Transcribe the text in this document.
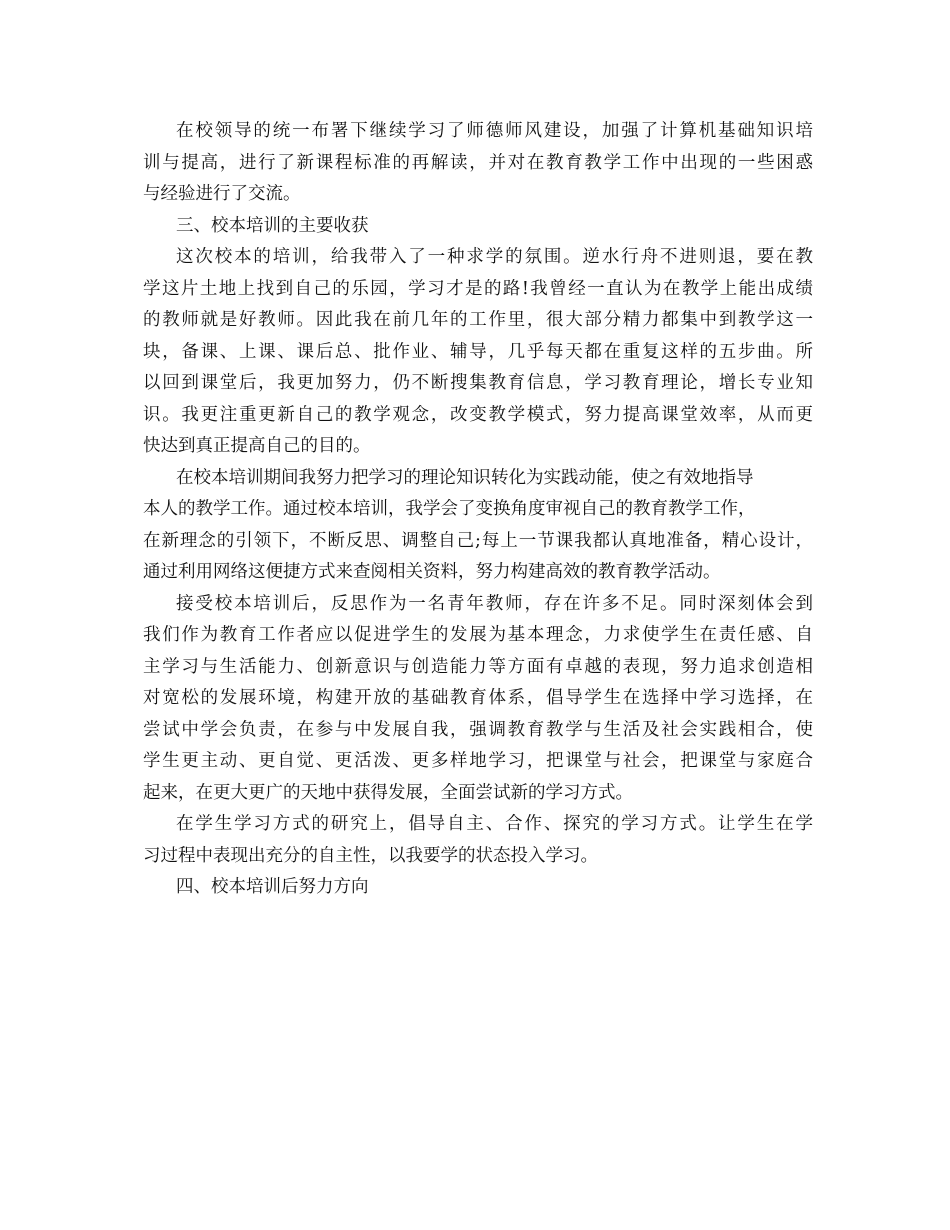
在校领导的统一布署下继续学习了师德师风建设，加强了计算机基础知识培
训与提高，进行了新课程标准的再解读，并对在教育教学工作中出现的一些困惑
与经验进行了交流。
三、校本培训的主要收获
这次校本的培训，给我带入了一种求学的氛围。逆水行舟不进则退，要在教
学这片土地上找到自己的乐园，学习才是的路!我曾经一直认为在教学上能出成绩
的教师就是好教师。因此我在前几年的工作里，很大部分精力都集中到教学这一
块，备课、上课、课后总、批作业、辅导，几乎每天都在重复这样的五步曲。所
以回到课堂后，我更加努力，仍不断搜集教育信息，学习教育理论，增长专业知
识。我更注重更新自己的教学观念，改变教学模式，努力提高课堂效率，从而更
快达到真正提高自己的目的。
在校本培训期间我努力把学习的理论知识转化为实践动能，使之有效地指导
本人的教学工作。通过校本培训，我学会了变换角度审视自己的教育教学工作，
在新理念的引领下，不断反思、调整自己;每上一节课我都认真地准备，精心设计，
通过利用网络这便捷方式来查阅相关资料，努力构建高效的教育教学活动。
接受校本培训后，反思作为一名青年教师，存在许多不足。同时深刻体会到
我们作为教育工作者应以促进学生的发展为基本理念，力求使学生在责任感、自
主学习与生活能力、创新意识与创造能力等方面有卓越的表现，努力追求创造相
对宽松的发展环境，构建开放的基础教育体系，倡导学生在选择中学习选择，在
尝试中学会负责，在参与中发展自我，强调教育教学与生活及社会实践相合，使
学生更主动、更自觉、更活泼、更多样地学习，把课堂与社会，把课堂与家庭合
起来，在更大更广的天地中获得发展，全面尝试新的学习方式。
在学生学习方式的研究上，倡导自主、合作、探究的学习方式。让学生在学
习过程中表现出充分的自主性，以我要学的状态投入学习。
四、校本培训后努力方向
